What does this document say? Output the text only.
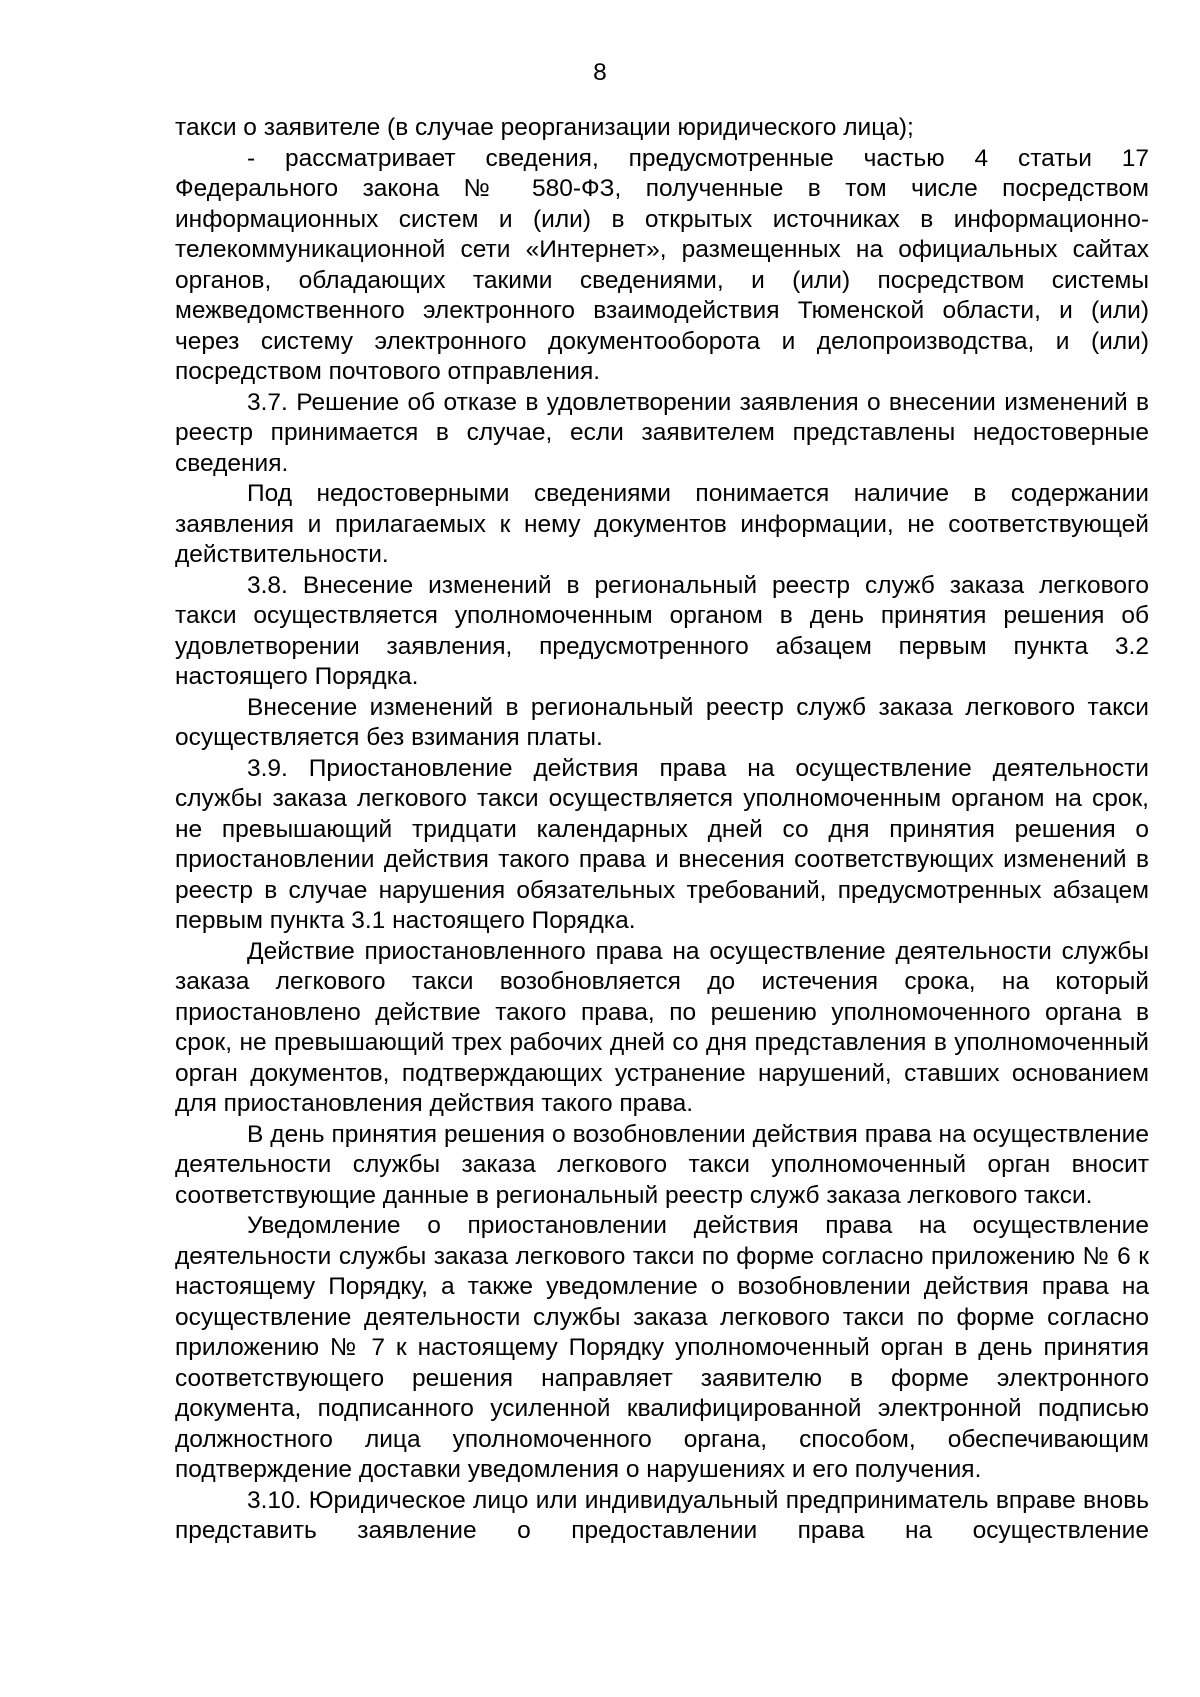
8

такси о заявителе (в случае реорганизации юридического лица);

- рассматривает сведения, предусмотренные частью 4 статьи 17 Федерального закона № 580-ФЗ, полученные в том числе посредством информационных систем и (или) в открытых источниках в информационно-телекоммуникационной сети «Интернет», размещенных на официальных сайтах органов, обладающих такими сведениями, и (или) посредством системы межведомственного электронного взаимодействия Тюменской области, и (или) через систему электронного документооборота и делопроизводства, и (или) посредством почтового отправления.

3.7. Решение об отказе в удовлетворении заявления о внесении изменений в реестр принимается в случае, если заявителем представлены недостоверные сведения.

Под недостоверными сведениями понимается наличие в содержании заявления и прилагаемых к нему документов информации, не соответствующей действительности.

3.8. Внесение изменений в региональный реестр служб заказа легкового такси осуществляется уполномоченным органом в день принятия решения об удовлетворении заявления, предусмотренного абзацем первым пункта 3.2 настоящего Порядка.

Внесение изменений в региональный реестр служб заказа легкового такси осуществляется без взимания платы.

3.9. Приостановление действия права на осуществление деятельности службы заказа легкового такси осуществляется уполномоченным органом на срок, не превышающий тридцати календарных дней со дня принятия решения о приостановлении действия такого права и внесения соответствующих изменений в реестр в случае нарушения обязательных требований, предусмотренных абзацем первым пункта 3.1 настоящего Порядка.

Действие приостановленного права на осуществление деятельности службы заказа легкового такси возобновляется до истечения срока, на который приостановлено действие такого права, по решению уполномоченного органа в срок, не превышающий трех рабочих дней со дня представления в уполномоченный орган документов, подтверждающих устранение нарушений, ставших основанием для приостановления действия такого права.

В день принятия решения о возобновлении действия права на осуществление деятельности службы заказа легкового такси уполномоченный орган вносит соответствующие данные в региональный реестр служб заказа легкового такси.

Уведомление о приостановлении действия права на осуществление деятельности службы заказа легкового такси по форме согласно приложению № 6 к настоящему Порядку, а также уведомление о возобновлении действия права на осуществление деятельности службы заказа легкового такси по форме согласно приложению № 7 к настоящему Порядку уполномоченный орган в день принятия соответствующего решения направляет заявителю в форме электронного документа, подписанного усиленной квалифицированной электронной подписью должностного лица уполномоченного органа, способом, обеспечивающим подтверждение доставки уведомления о нарушениях и его получения.

3.10. Юридическое лицо или индивидуальный предприниматель вправе вновь представить заявление о предоставлении права на осуществление
